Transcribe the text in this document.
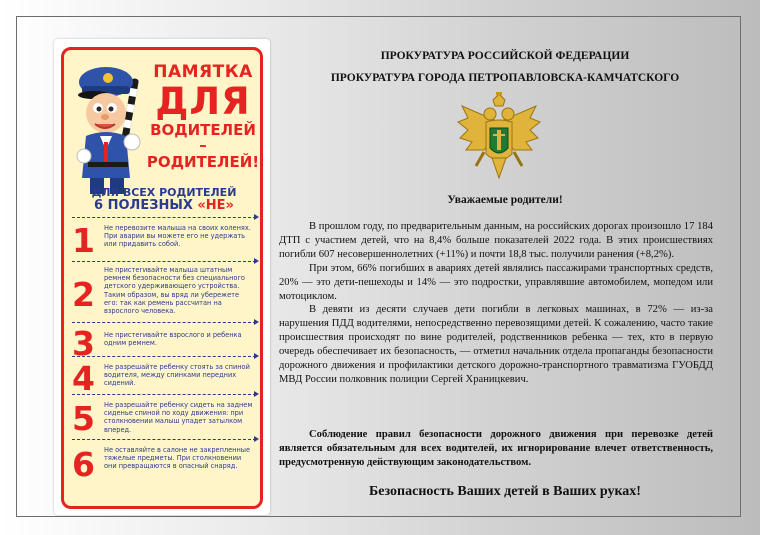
ПАМЯТКА
ДЛЯ
ВОДИТЕЛЕЙ –
РОДИТЕЛЕЙ!
ДЛЯ ВСЕХ РОДИТЕЛЕЙ
6 ПОЛЕЗНЫХ «НЕ»
1 Не перевозите малыша на своих коленях. При аварии вы можете его не удержать или придавить собой.
2
Не пристегивайте малыша штатным ремнем безопасности без специального детского удерживающего устройства. Таким образом, вы вряд ли убережете его: так как ремень рассчитан на взрослого человека.
3 Не пристегивайте взрослого и ребенка одним ремнем.
4 Не разрешайте ребенку стоять за спиной водителя, между спинками передних сидений.
5 Не разрешайте ребенку сидеть на заднем сиденье спиной по ходу движения: при столкновении малыш упадет затылком вперед.
6 Не оставляйте в салоне не закрепленные тяжелые предметы. При столкновении они превращаются в опасный снаряд.
ПРОКУРАТУРА РОССИЙСКОЙ ФЕДЕРАЦИИ
ПРОКУРАТУРА ГОРОДА ПЕТРОПАВЛОВСКА-КАМЧАТСКОГО
Уважаемые родители!

В прошлом году, по предварительным данным, на российских дорогах произошло 17 184 ДТП с участием детей, что на 8,4% больше показателей 2022 года. В этих происшествиях погибли 607 несовершеннолетних (+11%) и почти 18,8 тыс. получили ранения (+8,2%).

При этом, 66% погибших в авариях детей являлись пассажирами транспортных средств, 20% — это дети-пешеходы и 14% — это подростки, управлявшие автомобилем, мопедом или мотоциклом.

В девяти из десяти случаев дети погибли в легковых машинах, в 72% — из-за нарушения ПДД водителями, непосредственно перевозящими детей. К сожалению, часто такие происшествия происходят по вине родителей, родственников ребенка — тех, кто в первую очередь обеспечивает их безопасность, — отметил начальник отдела пропаганды безопасности дорожного движения и профилактики детского дорожно-транспортного травматизма ГУОБДД МВД России полковник полиции Сергей Храницкевич.

Соблюдение правил безопасности дорожного движения при перевозке детей является обязательным для всех водителей, их игнорирование влечет ответственность, предусмотренную действующим законодательством.

Безопасность Ваших детей в Ваших руках!
